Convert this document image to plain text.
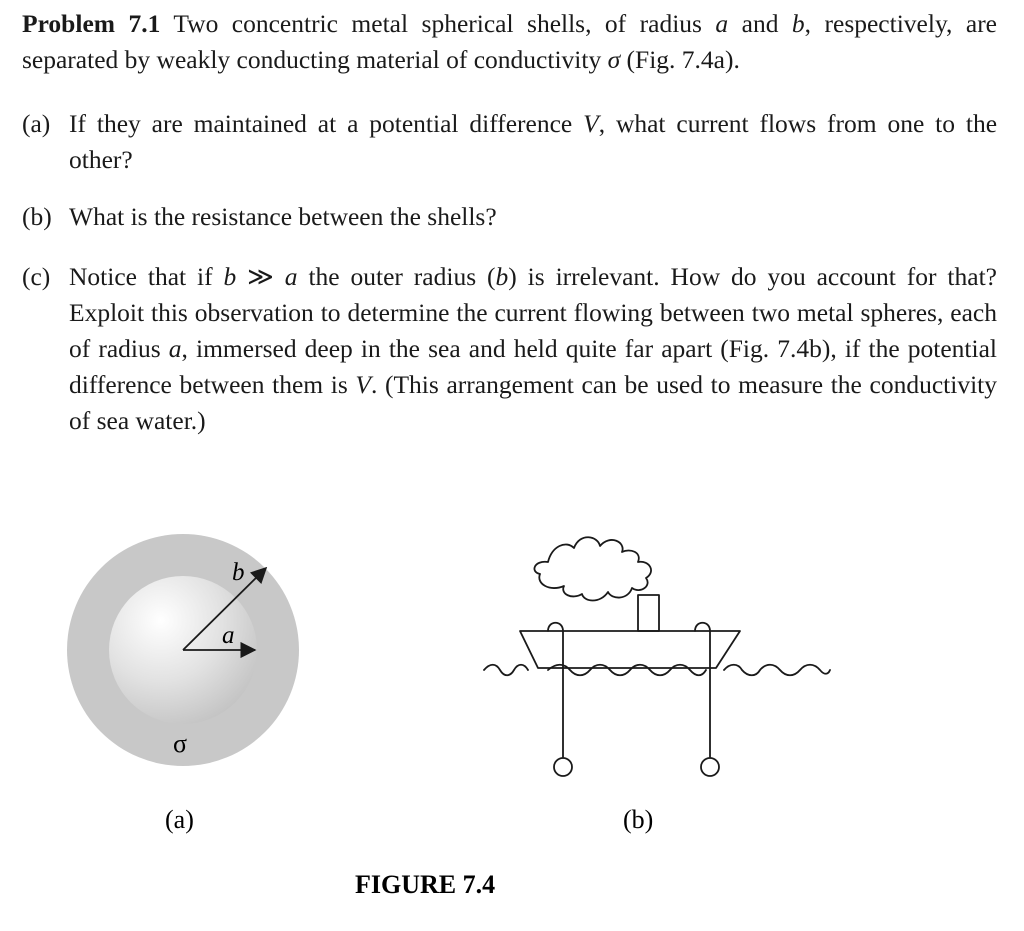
Problem 7.1 Two concentric metal spherical shells, of radius a and b, respectively, are separated by weakly conducting material of conductivity σ (Fig. 7.4a).
(a) If they are maintained at a potential difference V, what current flows from one to the other?
(b) What is the resistance between the shells?
(c) Notice that if b ≫ a the outer radius (b) is irrelevant. How do you account for that? Exploit this observation to determine the current flowing between two metal spheres, each of radius a, immersed deep in the sea and held quite far apart (Fig. 7.4b), if the potential difference between them is V. (This arrangement can be used to measure the conductivity of sea water.)
b
a
σ
(a)	(b)
FIGURE 7.4
